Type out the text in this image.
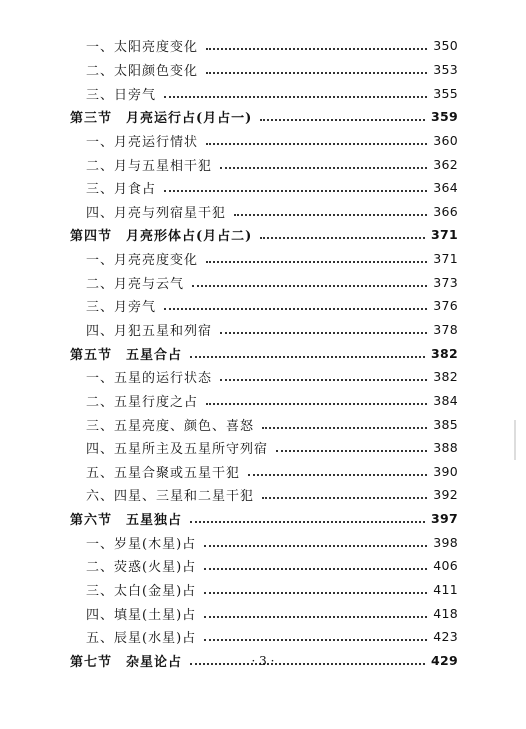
一、太阳亮度变化	350
二、太阳颜色变化	353
三、日旁气	355
第三节　月亮运行占(月占一)	359
一、月亮运行情状	360
二、月与五星相干犯	362
三、月食占	364
四、月亮与列宿星干犯	366
第四节　月亮形体占(月占二)	371
一、月亮亮度变化	371
二、月亮与云气	373
三、月旁气	376
四、月犯五星和列宿	378
第五节　五星合占	382
一、五星的运行状态	382
二、五星行度之占	384
三、五星亮度、颜色、喜怒	385
四、五星所主及五星所守列宿	388
五、五星合聚或五星干犯	390
六、四星、三星和二星干犯	392
第六节　五星独占	397
一、岁星(木星)占	398
二、荧惑(火星)占	406
三、太白(金星)占	411
四、填星(土星)占	418
五、辰星(水星)占	423
第七节　杂星论占	429
· 3 ·
